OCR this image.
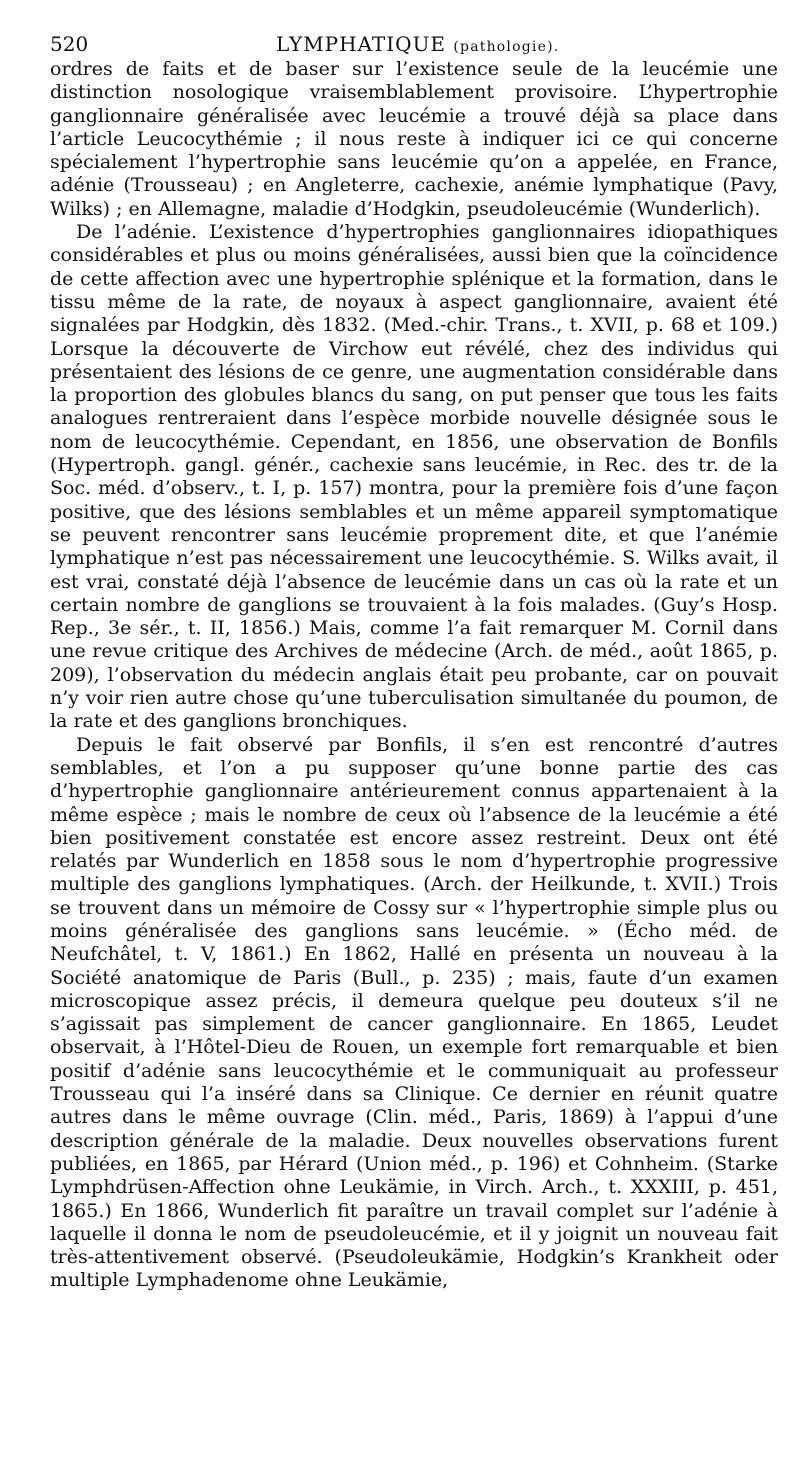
520	LYMPHATIQUE (pathologie).

ordres de faits et de baser sur l’existence seule de la leucémie une distinction nosologique vraisemblablement provisoire. L’hypertrophie ganglionnaire généralisée avec leucémie a trouvé déjà sa place dans l’article Leucocythémie ; il nous reste à indiquer ici ce qui concerne spécialement l’hypertrophie sans leucémie qu’on a appelée, en France, adénie (Trousseau) ; en Angleterre, cachexie, anémie lymphatique (Pavy, Wilks) ; en Allemagne, maladie d’Hodgkin, pseudoleucémie (Wunderlich).

De l’adénie. L’existence d’hypertrophies ganglionnaires idiopathiques considérables et plus ou moins généralisées, aussi bien que la coïncidence de cette affection avec une hypertrophie splénique et la formation, dans le tissu même de la rate, de noyaux à aspect ganglionnaire, avaient été signalées par Hodgkin, dès 1832. (Med.-chir. Trans., t. XVII, p. 68 et 109.) Lorsque la découverte de Virchow eut révélé, chez des individus qui présentaient des lésions de ce genre, une augmentation considérable dans la proportion des globules blancs du sang, on put penser que tous les faits analogues rentreraient dans l’espèce morbide nouvelle désignée sous le nom de leucocythémie. Cependant, en 1856, une observation de Bonfils (Hypertroph. gangl. génér., cachexie sans leucémie, in Rec. des tr. de la Soc. méd. d’observ., t. I, p. 157) montra, pour la première fois d’une façon positive, que des lésions semblables et un même appareil symptomatique se peuvent rencontrer sans leucémie proprement dite, et que l’anémie lymphatique n’est pas nécessairement une leucocythémie. S. Wilks avait, il est vrai, constaté déjà l’absence de leucémie dans un cas où la rate et un certain nombre de ganglions se trouvaient à la fois malades. (Guy’s Hosp. Rep., 3e sér., t. II, 1856.) Mais, comme l’a fait remarquer M. Cornil dans une revue critique des Archives de médecine (Arch. de méd., août 1865, p. 209), l’observation du médecin anglais était peu probante, car on pouvait n’y voir rien autre chose qu’une tuberculisation simultanée du poumon, de la rate et des ganglions bronchiques.

Depuis le fait observé par Bonfils, il s’en est rencontré d’autres semblables, et l’on a pu supposer qu’une bonne partie des cas d’hypertrophie ganglionnaire antérieurement connus appartenaient à la même espèce ; mais le nombre de ceux où l’absence de la leucémie a été bien positivement constatée est encore assez restreint. Deux ont été relatés par Wunderlich en 1858 sous le nom d’hypertrophie progressive multiple des ganglions lymphatiques. (Arch. der Heilkunde, t. XVII.) Trois se trouvent dans un mémoire de Cossy sur « l’hypertrophie simple plus ou moins généralisée des ganglions sans leucémie. » (Écho méd. de Neufchâtel, t. V, 1861.) En 1862, Hallé en présenta un nouveau à la Société anatomique de Paris (Bull., p. 235) ; mais, faute d’un examen microscopique assez précis, il demeura quelque peu douteux s’il ne s’agissait pas simplement de cancer ganglionnaire. En 1865, Leudet observait, à l’Hôtel-Dieu de Rouen, un exemple fort remarquable et bien positif d’adénie sans leucocythémie et le communiquait au professeur Trousseau qui l’a inséré dans sa Clinique. Ce dernier en réunit quatre autres dans le même ouvrage (Clin. méd., Paris, 1869) à l’appui d’une description générale de la maladie. Deux nouvelles observations furent publiées, en 1865, par Hérard (Union méd., p. 196) et Cohnheim. (Starke Lymphdrüsen-Affection ohne Leukämie, in Virch. Arch., t. XXXIII, p. 451, 1865.) En 1866, Wunderlich fit paraître un travail complet sur l’adénie à laquelle il donna le nom de pseudoleucémie, et il y joignit un nouveau fait très-attentivement observé. (Pseudoleukämie, Hodgkin’s Krankheit oder multiple Lymphadenome ohne Leukämie,
